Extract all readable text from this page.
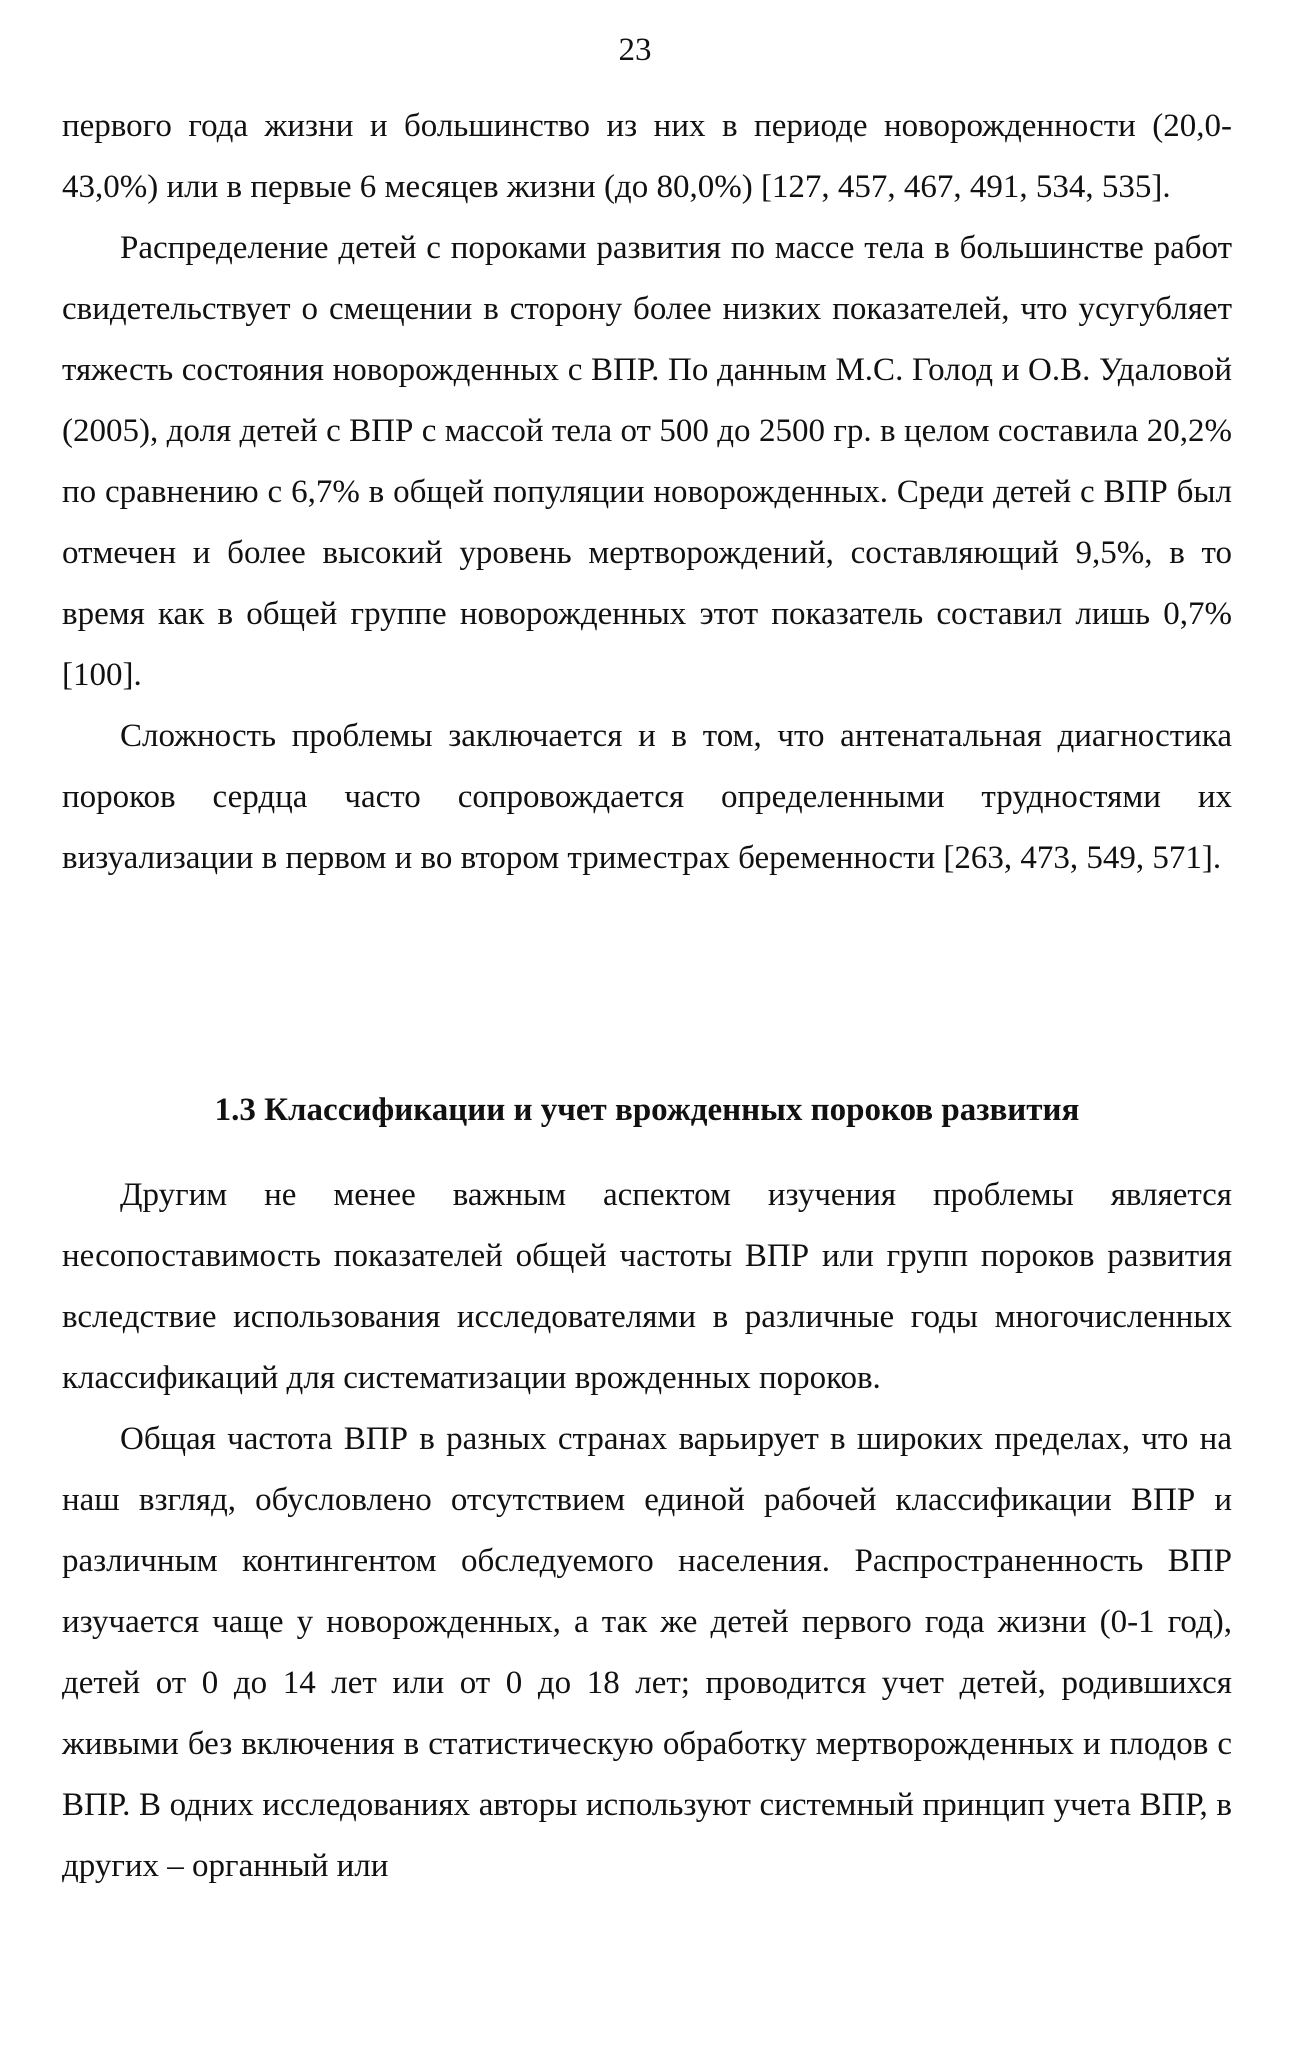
23

первого года жизни и большинство из них в периоде новорожденности (20,0-43,0%) или в первые 6 месяцев жизни (до 80,0%) [127, 457, 467, 491, 534, 535].

Распределение детей с пороками развития по массе тела в большинстве работ свидетельствует о смещении в сторону более низких показателей, что усугубляет тяжесть состояния новорожденных с ВПР. По данным М.С. Голод и О.В. Удаловой (2005), доля детей с ВПР с массой тела от 500 до 2500 гр. в целом составила 20,2% по сравнению с 6,7% в общей популяции новорожденных. Среди детей с ВПР был отмечен и более высокий уровень мертворождений, составляющий 9,5%, в то время как в общей группе новорожденных этот показатель составил лишь 0,7% [100].

Сложность проблемы заключается и в том, что антенатальная диагностика пороков сердца часто сопровождается определенными трудностями их визуализации в первом и во втором триместрах беременности [263, 473, 549, 571].

1.3 Классификации и учет врожденных пороков развития

Другим не менее важным аспектом изучения проблемы является несопоставимость показателей общей частоты ВПР или групп пороков развития вследствие использования исследователями в различные годы многочисленных классификаций для систематизации врожденных пороков.

Общая частота ВПР в разных странах варьирует в широких пределах, что на наш взгляд, обусловлено отсутствием единой рабочей классификации ВПР и различным контингентом обследуемого населения. Распространенность ВПР изучается чаще у новорожденных, а так же детей первого года жизни (0-1 год), детей от 0 до 14 лет или от 0 до 18 лет; проводится учет детей, родившихся живыми без включения в статистическую обработку мертворожденных и плодов с ВПР. В одних исследованиях авторы используют системный принцип учета ВПР, в других – органный или
